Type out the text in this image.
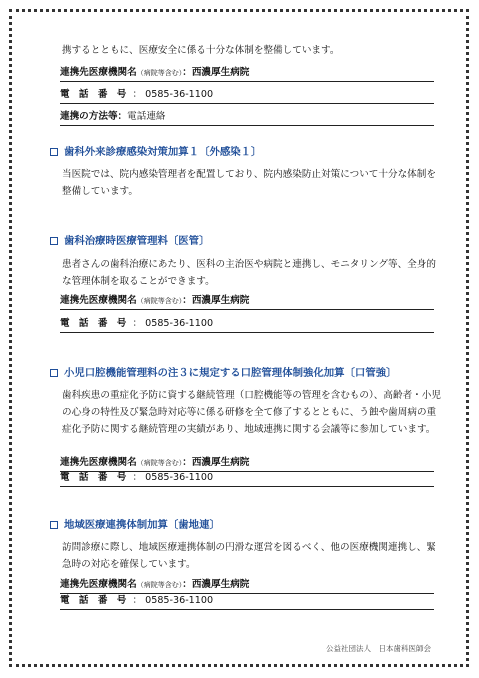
携するとともに、医療安全に係る十分な体制を整備しています。
連携先医療機関名（病院等含む）：西濃厚生病院
電 話 番 号 ： 0585-36-1100
連携の方法等：電話連絡
歯科外来診療感染対策加算１〔外感染１〕
当医院では、院内感染管理者を配置しており、院内感染防止対策について十分な体制を整備しています。
歯科治療時医療管理料〔医管〕
患者さんの歯科治療にあたり、医科の主治医や病院と連携し、モニタリング等、全身的な管理体制を取ることができます。
連携先医療機関名（病院等含む）：西濃厚生病院
電 話 番 号 ： 0585-36-1100
小児口腔機能管理料の注３に規定する口腔管理体制強化加算〔口管強〕
歯科疾患の重症化予防に資する継続管理（口腔機能等の管理を含むもの）、高齢者・小児の心身の特性及び緊急時対応等に係る研修を全て修了するとともに、う蝕や歯周病の重症化予防に関する継続管理の実績があり、地域連携に関する会議等に参加しています。
連携先医療機関名（病院等含む）：西濃厚生病院
電 話 番 号 ： 0585-36-1100
地域医療連携体制加算〔歯地連〕
訪問診療に際し、地域医療連携体制の円滑な運営を図るべく、他の医療機関連携し、緊急時の対応を確保しています。
連携先医療機関名（病院等含む）：西濃厚生病院
電 話 番 号 ： 0585-36-1100
公益社団法人　日本歯科医師会
